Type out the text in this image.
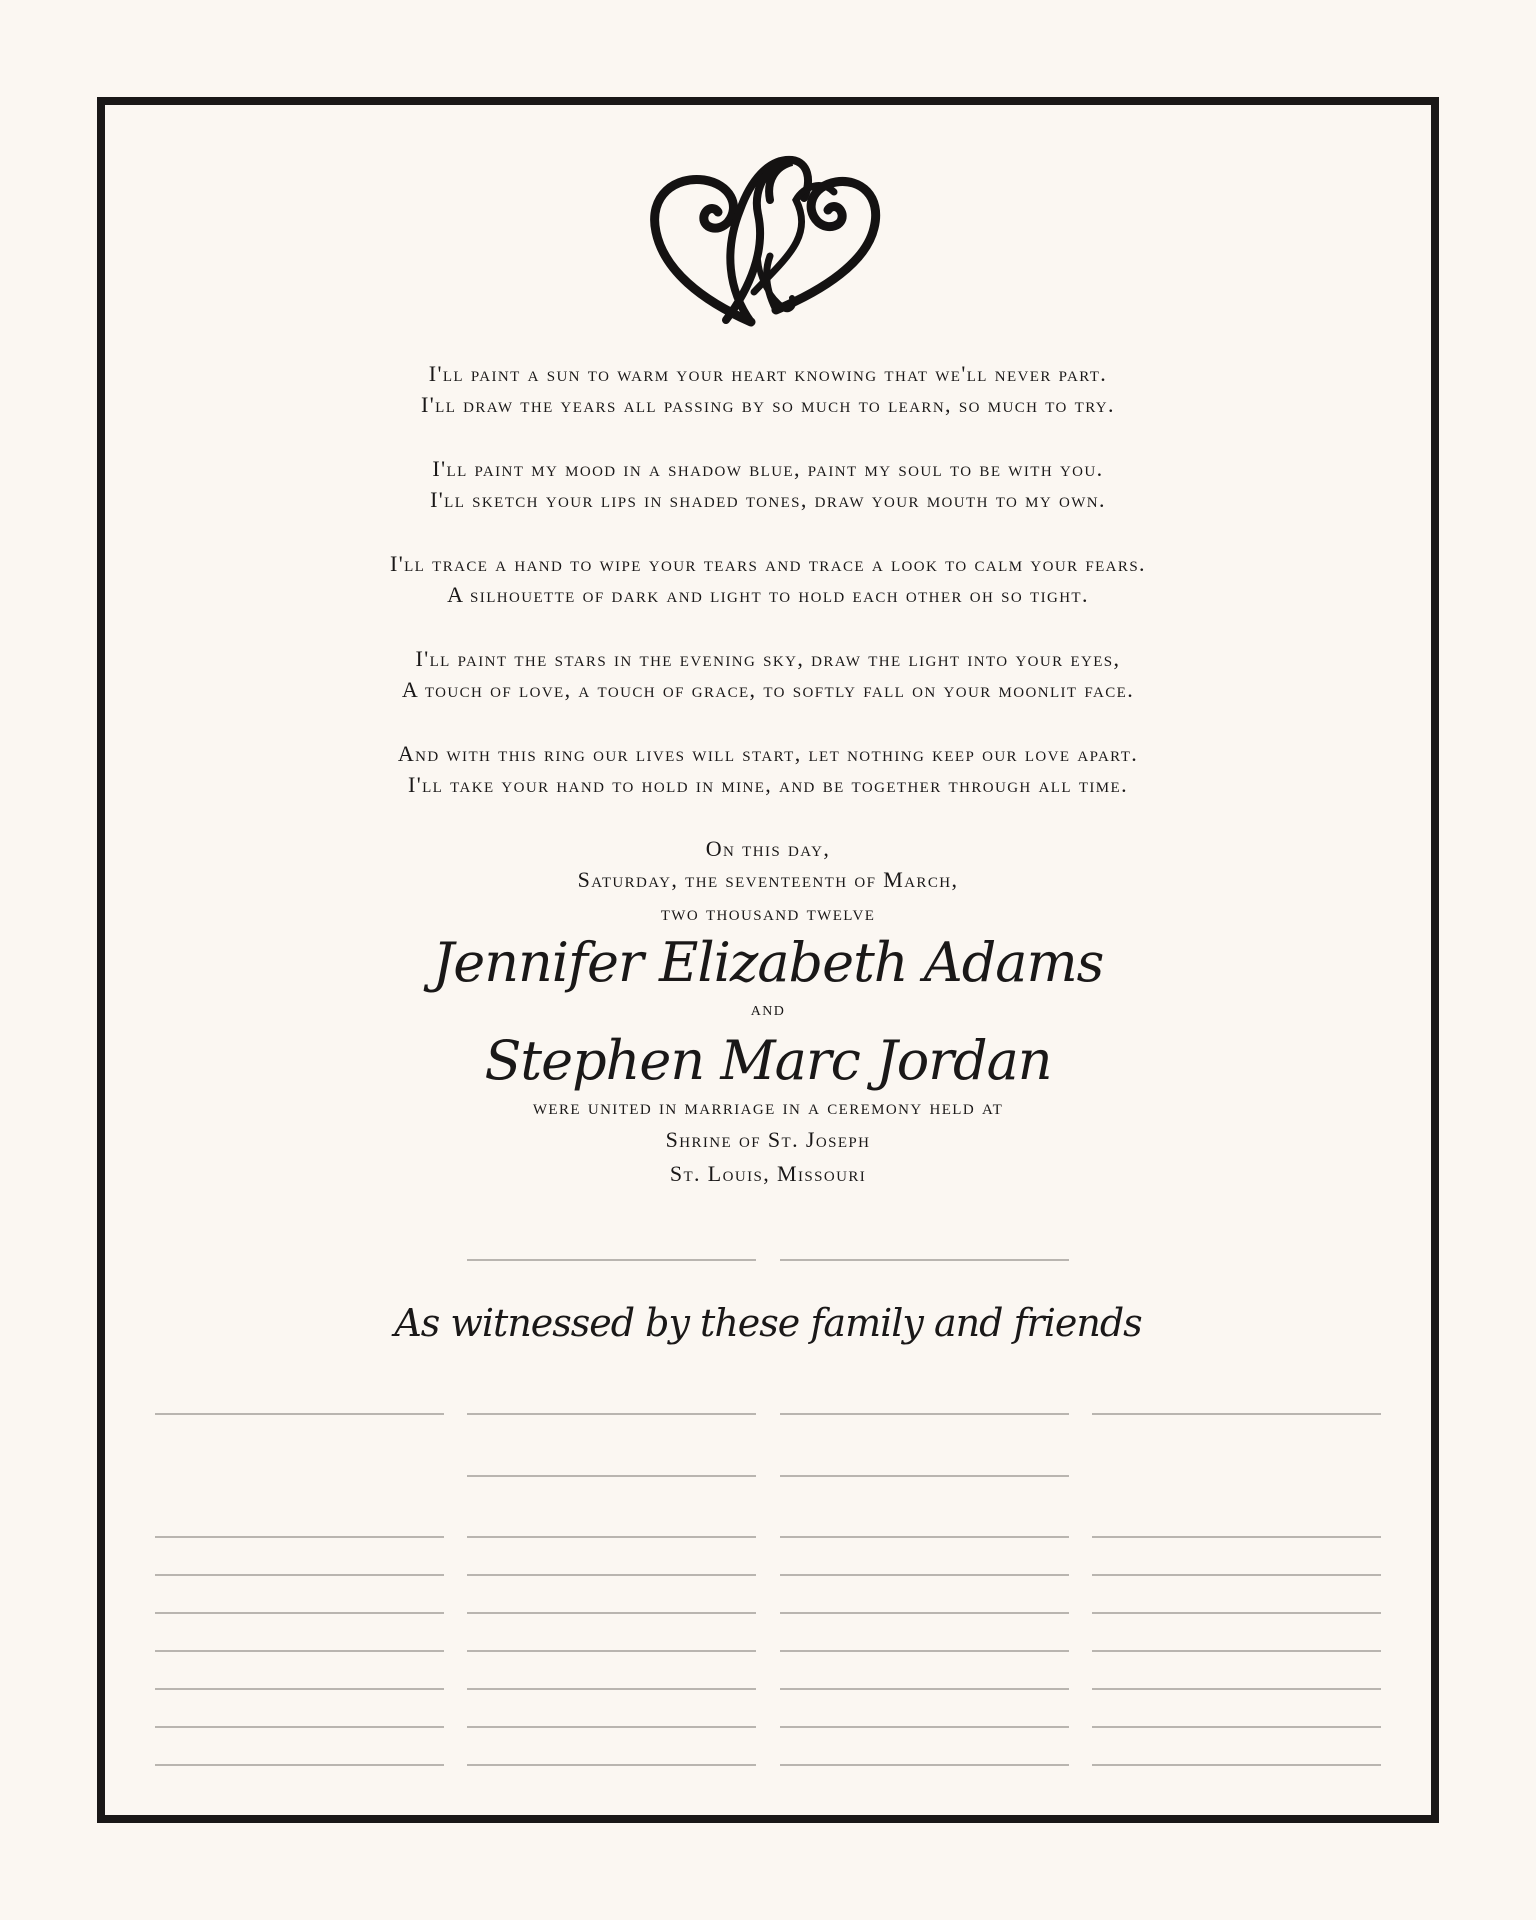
I'll paint a sun to warm your heart knowing that we'll never part.

I'll draw the years all passing by so much to learn, so much to try.

I'll paint my mood in a shadow blue, paint my soul to be with you.

I'll sketch your lips in shaded tones, draw your mouth to my own.

I'll trace a hand to wipe your tears and trace a look to calm your fears.

A silhouette of dark and light to hold each other oh so tight.

I'll paint the stars in the evening sky, draw the light into your eyes,

A touch of love, a touch of grace, to softly fall on your moonlit face.

And with this ring our lives will start, let nothing keep our love apart.

I'll take your hand to hold in mine, and be together through all time.

On this day,

Saturday, the seventeenth of March,

two thousand twelve

Jennifer Elizabeth Adams

and

Stephen Marc Jordan

were united in marriage in a ceremony held at

Shrine of St. Joseph

St. Louis, Missouri

As witnessed by these family and friends
